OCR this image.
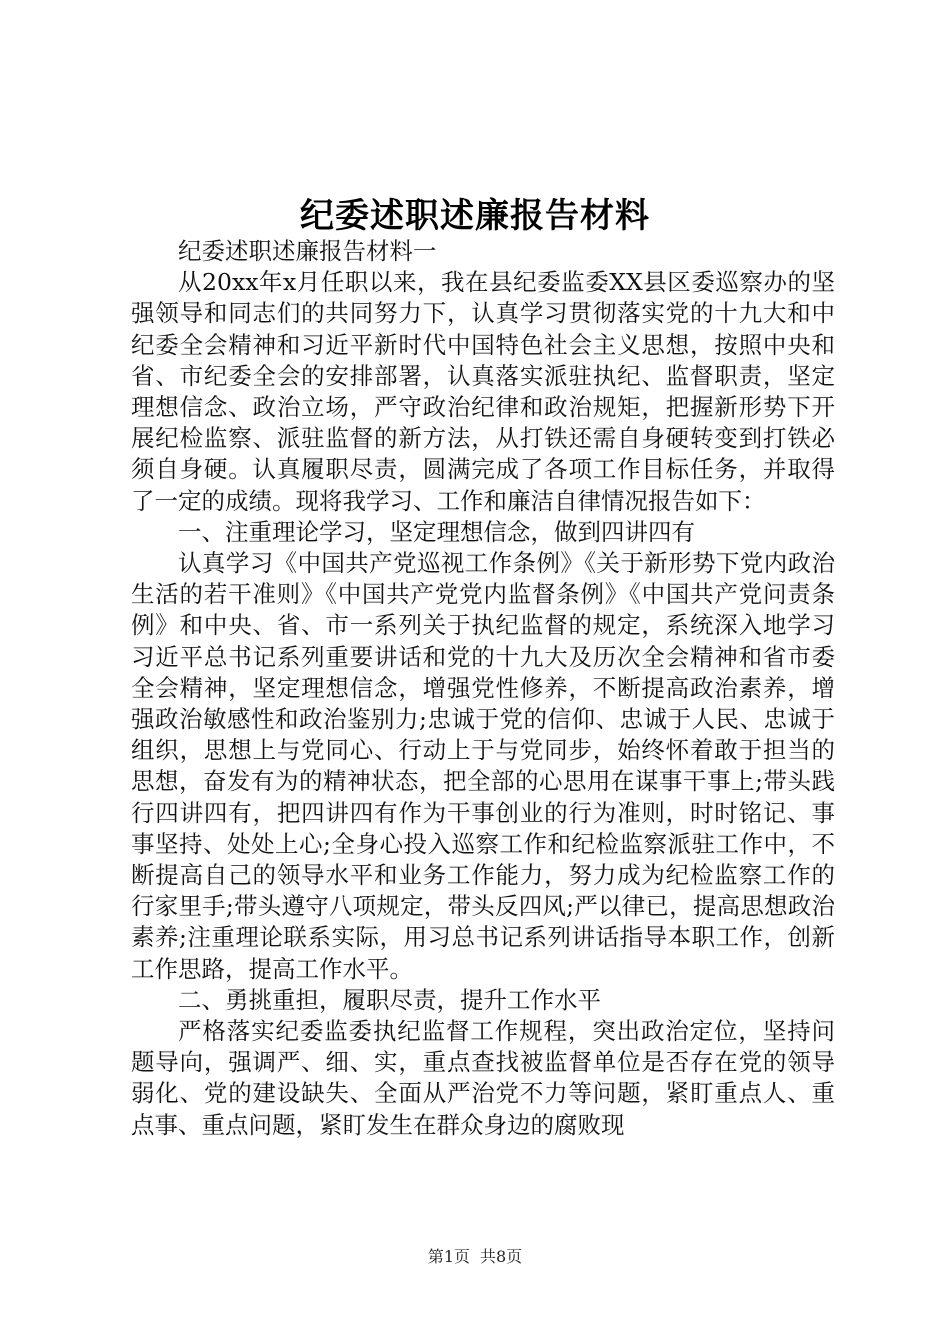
纪委述职述廉报告材料

纪委述职述廉报告材料一

从20xx年x月任职以来，我在县纪委监委XX县区委巡察办的坚强领导和同志们的共同努力下，认真学习贯彻落实党的十九大和中纪委全会精神和习近平新时代中国特色社会主义思想，按照中央和省、市纪委全会的安排部署，认真落实派驻执纪、监督职责，坚定理想信念、政治立场，严守政治纪律和政治规矩，把握新形势下开展纪检监察、派驻监督的新方法，从打铁还需自身硬转变到打铁必须自身硬。认真履职尽责，圆满完成了各项工作目标任务，并取得了一定的成绩。现将我学习、工作和廉洁自律情况报告如下：

一、注重理论学习，坚定理想信念，做到四讲四有

认真学习《中国共产党巡视工作条例》《关于新形势下党内政治生活的若干准则》《中国共产党党内监督条例》《中国共产党问责条例》和中央、省、市一系列关于执纪监督的规定，系统深入地学习习近平总书记系列重要讲话和党的十九大及历次全会精神和省市委全会精神，坚定理想信念，增强党性修养，不断提高政治素养，增强政治敏感性和政治鉴别力;忠诚于党的信仰、忠诚于人民、忠诚于组织，思想上与党同心、行动上于与党同步，始终怀着敢于担当的思想，奋发有为的精神状态，把全部的心思用在谋事干事上;带头践行四讲四有，把四讲四有作为干事创业的行为准则，时时铭记、事事坚持、处处上心;全身心投入巡察工作和纪检监察派驻工作中，不断提高自己的领导水平和业务工作能力，努力成为纪检监察工作的行家里手;带头遵守八项规定，带头反四风;严以律已，提高思想政治素养;注重理论联系实际，用习总书记系列讲话指导本职工作，创新工作思路，提高工作水平。

二、勇挑重担，履职尽责，提升工作水平

严格落实纪委监委执纪监督工作规程，突出政治定位，坚持问题导向，强调严、细、实，重点查找被监督单位是否存在党的领导弱化、党的建设缺失、全面从严治党不力等问题，紧盯重点人、重点事、重点问题，紧盯发生在群众身边的腐败现

第1页 共8页
